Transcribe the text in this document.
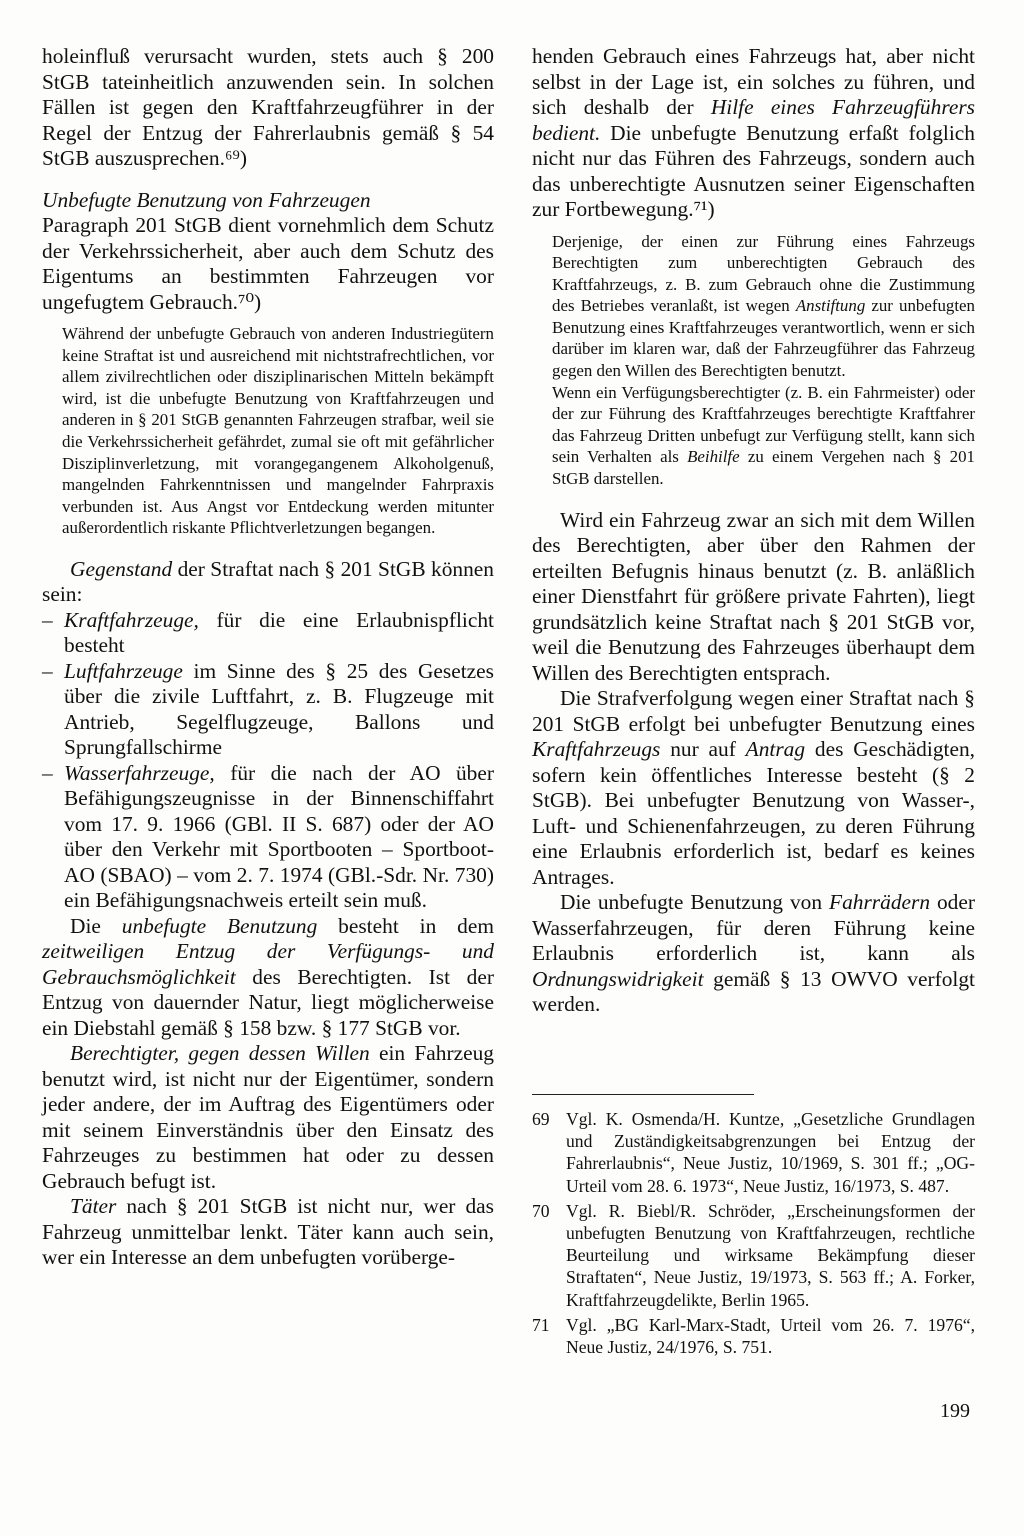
holeinfluß verursacht wurden, stets auch § 200 StGB tateinheitlich anzuwenden sein. In solchen Fällen ist gegen den Kraftfahrzeugführer in der Regel der Entzug der Fahrerlaubnis gemäß § 54 StGB auszusprechen.⁶⁹)

Unbefugte Benutzung von Fahrzeugen

Paragraph 201 StGB dient vornehmlich dem Schutz der Verkehrssicherheit, aber auch dem Schutz des Eigentums an bestimmten Fahrzeugen vor ungefugtem Gebrauch.⁷⁰)

Während der unbefugte Gebrauch von anderen Industriegütern keine Straftat ist und ausreichend mit nichtstrafrechtlichen, vor allem zivilrechtlichen oder disziplinarischen Mitteln bekämpft wird, ist die unbefugte Benutzung von Kraftfahrzeugen und anderen in § 201 StGB genannten Fahrzeugen strafbar, weil sie die Verkehrssicherheit gefährdet, zumal sie oft mit gefährlicher Disziplinverletzung, mit vorangegangenem Alkoholgenuß, mangelnden Fahrkenntnissen und mangelnder Fahrpraxis verbunden ist. Aus Angst vor Entdeckung werden mitunter außerordentlich riskante Pflichtverletzungen begangen.

Gegenstand der Straftat nach § 201 StGB können sein:

– Kraftfahrzeuge, für die eine Erlaubnispflicht besteht
– Luftfahrzeuge im Sinne des § 25 des Gesetzes über die zivile Luftfahrt, z. B. Flugzeuge mit Antrieb, Segelflugzeuge, Ballons und Sprungfallschirme
– Wasserfahrzeuge, für die nach der AO über Befähigungszeugnisse in der Binnenschiffahrt vom 17. 9. 1966 (GBl. II S. 687) oder der AO über den Verkehr mit Sportbooten – Sportboot-AO (SBAO) – vom 2. 7. 1974 (GBl.-Sdr. Nr. 730) ein Befähigungsnachweis erteilt sein muß.

Die unbefugte Benutzung besteht in dem zeitweiligen Entzug der Verfügungs- und Gebrauchsmöglichkeit des Berechtigten. Ist der Entzug von dauernder Natur, liegt möglicherweise ein Diebstahl gemäß § 158 bzw. § 177 StGB vor.

Berechtigter, gegen dessen Willen ein Fahrzeug benutzt wird, ist nicht nur der Eigentümer, sondern jeder andere, der im Auftrag des Eigentümers oder mit seinem Einverständnis über den Einsatz des Fahrzeuges zu bestimmen hat oder zu dessen Gebrauch befugt ist.

Täter nach § 201 StGB ist nicht nur, wer das Fahrzeug unmittelbar lenkt. Täter kann auch sein, wer ein Interesse an dem unbefugten vorüberge-

henden Gebrauch eines Fahrzeugs hat, aber nicht selbst in der Lage ist, ein solches zu führen, und sich deshalb der Hilfe eines Fahrzeugführers bedient. Die unbefugte Benutzung erfaßt folglich nicht nur das Führen des Fahrzeugs, sondern auch das unberechtigte Ausnutzen seiner Eigenschaften zur Fortbewegung.⁷¹)

Derjenige, der einen zur Führung eines Fahrzeugs Berechtigten zum unberechtigten Gebrauch des Kraftfahrzeugs, z. B. zum Gebrauch ohne die Zustimmung des Betriebes veranlaßt, ist wegen Anstiftung zur unbefugten Benutzung eines Kraftfahrzeuges verantwortlich, wenn er sich darüber im klaren war, daß der Fahrzeugführer das Fahrzeug gegen den Willen des Berechtigten benutzt.

Wenn ein Verfügungsberechtigter (z. B. ein Fahrmeister) oder der zur Führung des Kraftfahrzeuges berechtigte Kraftfahrer das Fahrzeug Dritten unbefugt zur Verfügung stellt, kann sich sein Verhalten als Beihilfe zu einem Vergehen nach § 201 StGB darstellen.

Wird ein Fahrzeug zwar an sich mit dem Willen des Berechtigten, aber über den Rahmen der erteilten Befugnis hinaus benutzt (z. B. anläßlich einer Dienstfahrt für größere private Fahrten), liegt grundsätzlich keine Straftat nach § 201 StGB vor, weil die Benutzung des Fahrzeuges überhaupt dem Willen des Berechtigten entsprach.

Die Strafverfolgung wegen einer Straftat nach § 201 StGB erfolgt bei unbefugter Benutzung eines Kraftfahrzeugs nur auf Antrag des Geschädigten, sofern kein öffentliches Interesse besteht (§ 2 StGB). Bei unbefugter Benutzung von Wasser-, Luft- und Schienenfahrzeugen, zu deren Führung eine Erlaubnis erforderlich ist, bedarf es keines Antrages.

Die unbefugte Benutzung von Fahrrädern oder Wasserfahrzeugen, für deren Führung keine Erlaubnis erforderlich ist, kann als Ordnungswidrigkeit gemäß § 13 OWVO verfolgt werden.

69 Vgl. K. Osmenda/H. Kuntze, „Gesetzliche Grundlagen und Zuständigkeitsabgrenzungen bei Entzug der Fahrerlaubnis“, Neue Justiz, 10/1969, S. 301 ff.; „OG-Urteil vom 28. 6. 1973“, Neue Justiz, 16/1973, S. 487.
70 Vgl. R. Biebl/R. Schröder, „Erscheinungsformen der unbefugten Benutzung von Kraftfahrzeugen, rechtliche Beurteilung und wirksame Bekämpfung dieser Straftaten“, Neue Justiz, 19/1973, S. 563 ff.; A. Forker, Kraftfahrzeugdelikte, Berlin 1965.
71 Vgl. „BG Karl-Marx-Stadt, Urteil vom 26. 7. 1976“, Neue Justiz, 24/1976, S. 751.
199
